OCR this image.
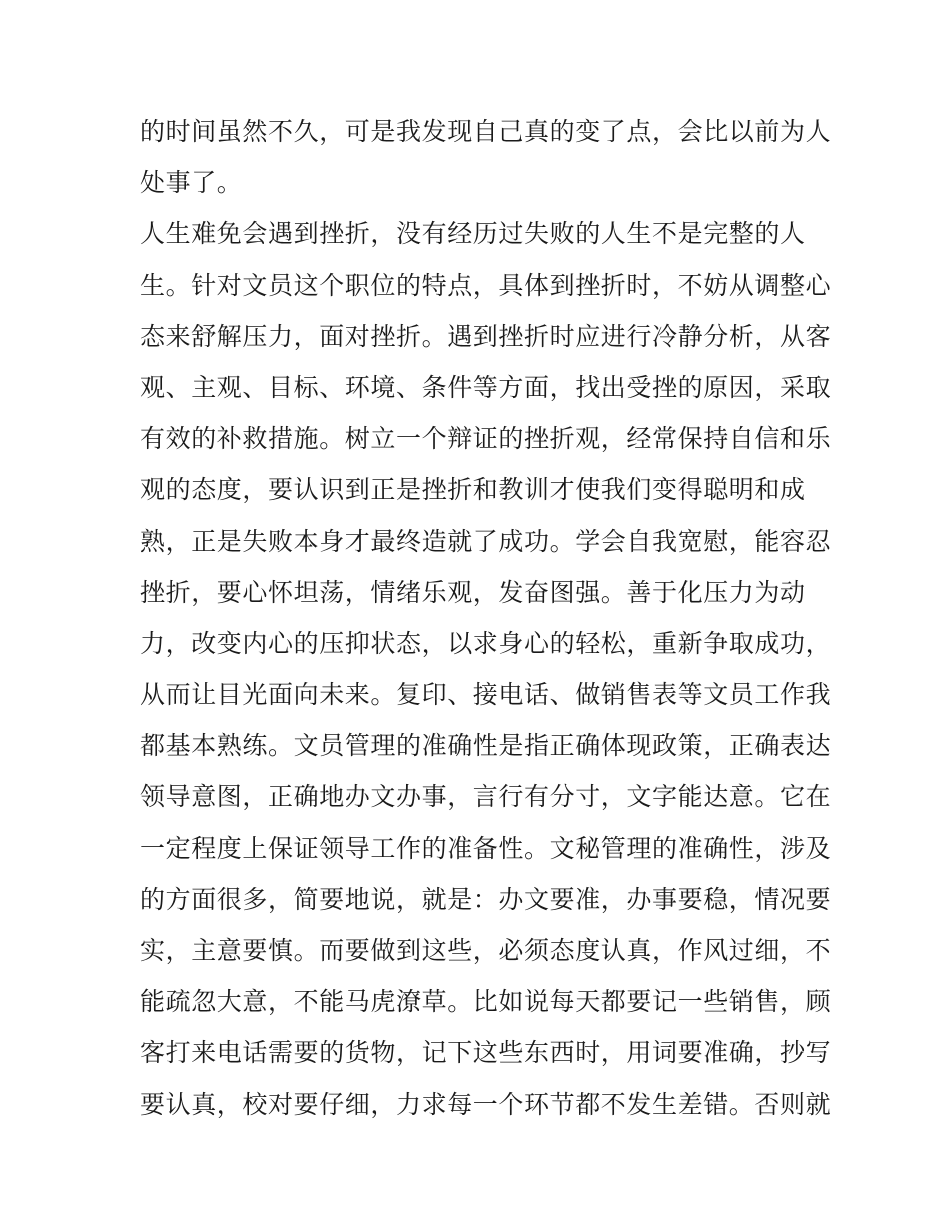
的时间虽然不久，可是我发现自己真的变了点，会比以前为人
处事了。
人生难免会遇到挫折，没有经历过失败的人生不是完整的人
生。针对文员这个职位的特点，具体到挫折时，不妨从调整心
态来舒解压力，面对挫折。遇到挫折时应进行冷静分析，从客
观、主观、目标、环境、条件等方面，找出受挫的原因，采取
有效的补救措施。树立一个辩证的挫折观，经常保持自信和乐
观的态度，要认识到正是挫折和教训才使我们变得聪明和成
熟，正是失败本身才最终造就了成功。学会自我宽慰，能容忍
挫折，要心怀坦荡，情绪乐观，发奋图强。善于化压力为动
力，改变内心的压抑状态，以求身心的轻松，重新争取成功，
从而让目光面向未来。复印、接电话、做销售表等文员工作我
都基本熟练。文员管理的准确性是指正确体现政策，正确表达
领导意图，正确地办文办事，言行有分寸，文字能达意。它在
一定程度上保证领导工作的准备性。文秘管理的准确性，涉及
的方面很多，简要地说，就是：办文要准，办事要稳，情况要
实，主意要慎。而要做到这些，必须态度认真，作风过细，不
能疏忽大意，不能马虎潦草。比如说每天都要记一些销售，顾
客打来电话需要的货物，记下这些东西时，用词要准确，抄写
要认真，校对要仔细，力求每一个环节都不发生差错。否则就
